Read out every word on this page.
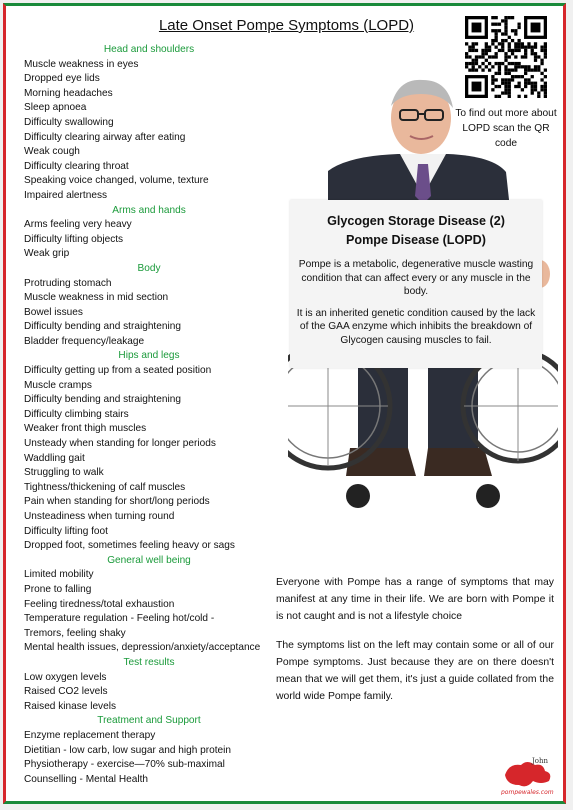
Late Onset Pompe Symptoms (LOPD)
Head and shoulders
Muscle weakness in eyes
Dropped eye lids
Morning headaches
Sleep apnoea
Difficulty swallowing
Difficulty clearing airway after eating
Weak cough
Difficulty clearing throat
Speaking voice changed, volume, texture
Impaired alertness
Arms and hands
Arms feeling very heavy
Difficulty lifting objects
Weak grip
Body
Protruding stomach
Muscle weakness in mid section
Bowel issues
Difficulty bending and straightening
Bladder frequency/leakage
Hips and legs
Difficulty getting up from a seated position
Muscle cramps
Difficulty bending and straightening
Difficulty climbing stairs
Weaker front thigh muscles
Unsteady when standing for longer periods
Waddling gait
Struggling to walk
Tightness/thickening of calf muscles
Pain when standing for short/long periods
Unsteadiness when turning round
Difficulty lifting foot
Dropped foot, sometimes feeling heavy or sags
General well being
Limited mobility
Prone to falling
Feeling tiredness/total exhaustion
Temperature regulation - Feeling hot/cold -
Tremors, feeling shaky
Mental health issues, depression/anxiety/acceptance
Test results
Low oxygen levels
Raised CO2 levels
Raised kinase levels
Treatment and Support
Enzyme replacement therapy
Dietitian - low carb, low sugar and high protein
Physiotherapy - exercise—70% sub-maximal
Counselling - Mental Health
To find out more about LOPD scan the QR code
Glycogen Storage Disease (2)
Pompe Disease (LOPD)
Pompe is a metabolic, degenerative muscle wasting condition that can affect every or any muscle in the body.
It is an inherited genetic condition caused by the lack of the GAA enzyme which inhibits the breakdown of Glycogen causing muscles to fail.

Everyone with Pompe has a range of symptoms that may manifest at any time in their life. We are born with Pompe it is not caught and is not a lifestyle choice

The symptoms list on the left may contain some or all of our Pompe symptoms. Just because they are on there doesn't mean that we will get them, it's just a guide collated from the world wide Pompe family.

John
pompewales.com
